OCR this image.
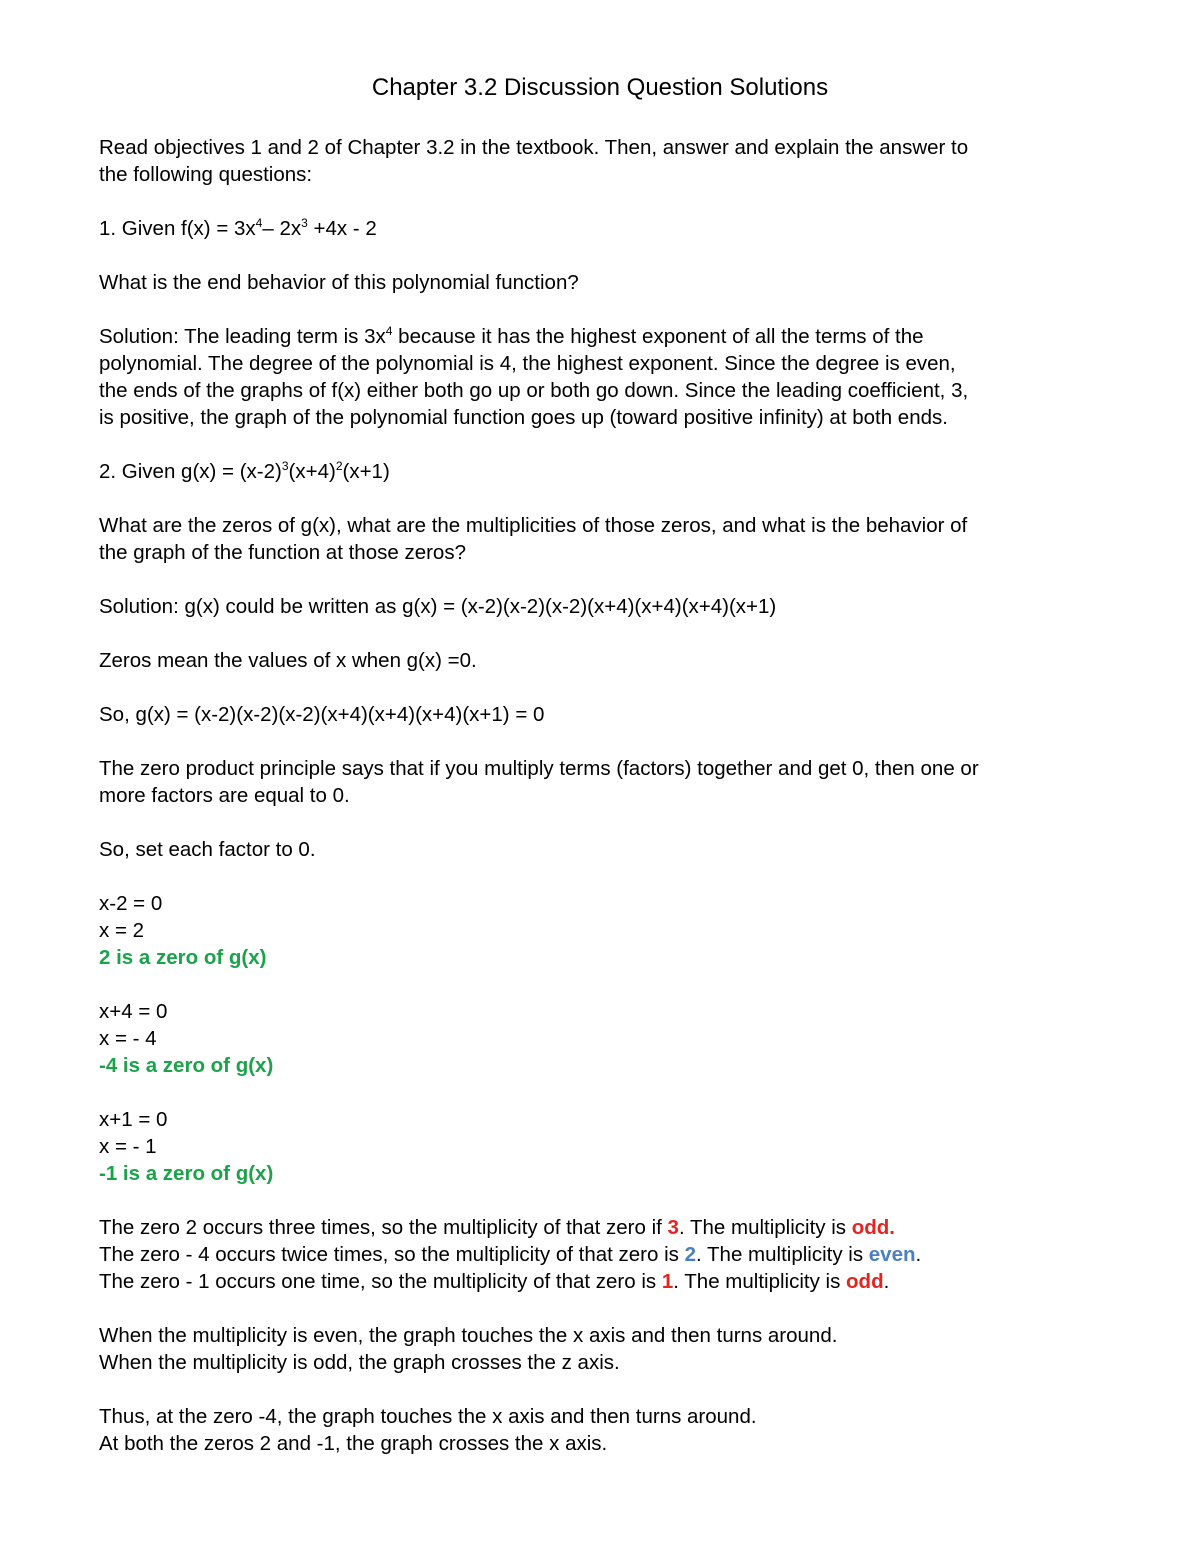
Chapter 3.2 Discussion Question Solutions

Read objectives 1 and 2 of Chapter 3.2 in the textbook. Then, answer and explain the answer to
the following questions:

1. Given $f(x) = 3x^4-$ $2x^3 +4x - 2$

What is the end behavior of this polynomial function?

Solution: The leading term is $3x^4$ because it has the highest exponent of all the terms of the
polynomial. The degree of the polynomial is 4, the highest exponent. Since the degree is even,
the ends of the graphs of f(x) either both go up or both go down. Since the leading coefficient, 3,
is positive, the graph of the polynomial function goes up (toward positive infinity) at both ends.

2. Given $g(x) = (x-2)^3(x+4)^2(x+1)$

What are the zeros of g(x), what are the multiplicities of those zeros, and what is the behavior of
the graph of the function at those zeros?

Solution: g(x) could be written as g(x) = (x-2)(x-2)(x-2)(x+4)(x+4)(x+4)(x+1)

Zeros mean the values of x when g(x) =0.

So, g(x) = (x-2)(x-2)(x-2)(x+4)(x+4)(x+4)(x+1) = 0

The zero product principle says that if you multiply terms (factors) together and get 0, then one or
more factors are equal to 0.

So, set each factor to 0.

x-2 = 0
x = 2
2 is a zero of g(x)

x+4 = 0
x = - 4
-4 is a zero of g(x)

x+1 = 0
x = - 1
-1 is a zero of g(x)

The zero 2 occurs three times, so the multiplicity of that zero if 3. The multiplicity is odd.
The zero - 4 occurs twice times, so the multiplicity of that zero is 2. The multiplicity is even.
The zero - 1 occurs one time, so the multiplicity of that zero is 1. The multiplicity is odd.

When the multiplicity is even, the graph touches the x axis and then turns around.
When the multiplicity is odd, the graph crosses the z axis.

Thus, at the zero -4, the graph touches the x axis and then turns around.
At both the zeros 2 and -1, the graph crosses the x axis.
